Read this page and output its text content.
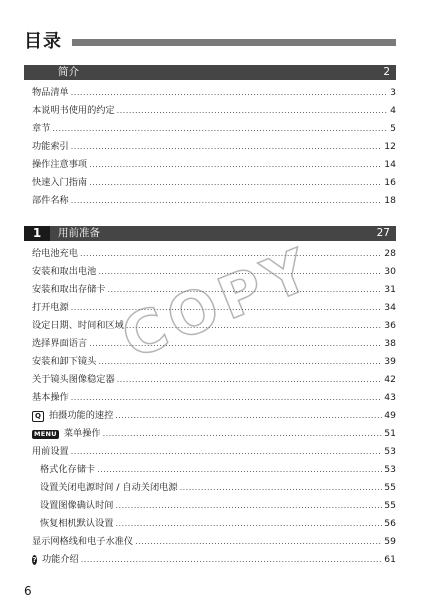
目录
简介	2
物品清单 .....	3
本说明书使用的约定 .....	4
章节 .....	5
功能索引 .....	12
操作注意事项 .....	14
快速入门指南 .....	16
部件名称 .....	18
1	用前准备	27
给电池充电 .....	28
安装和取出电池 .....	30
安装和取出存储卡 .....	31
打开电源 .....	34
设定日期、时间和区域 .....	36
选择界面语言 .....	38
安装和卸下镜头 .....	39
关于镜头图像稳定器 .....	42
基本操作 .....	43
Q 拍摄功能的速控 .....	49
MENU 菜单操作 .....	51
用前设置 .....	53
格式化存储卡 .....	53
设置关闭电源时间 / 自动关闭电源 .....	55
设置图像确认时间 .....	55
恢复相机默认设置 .....	56
显示网格线和电子水准仪 .....	59
? 功能介绍 .....	61
COPY
6
